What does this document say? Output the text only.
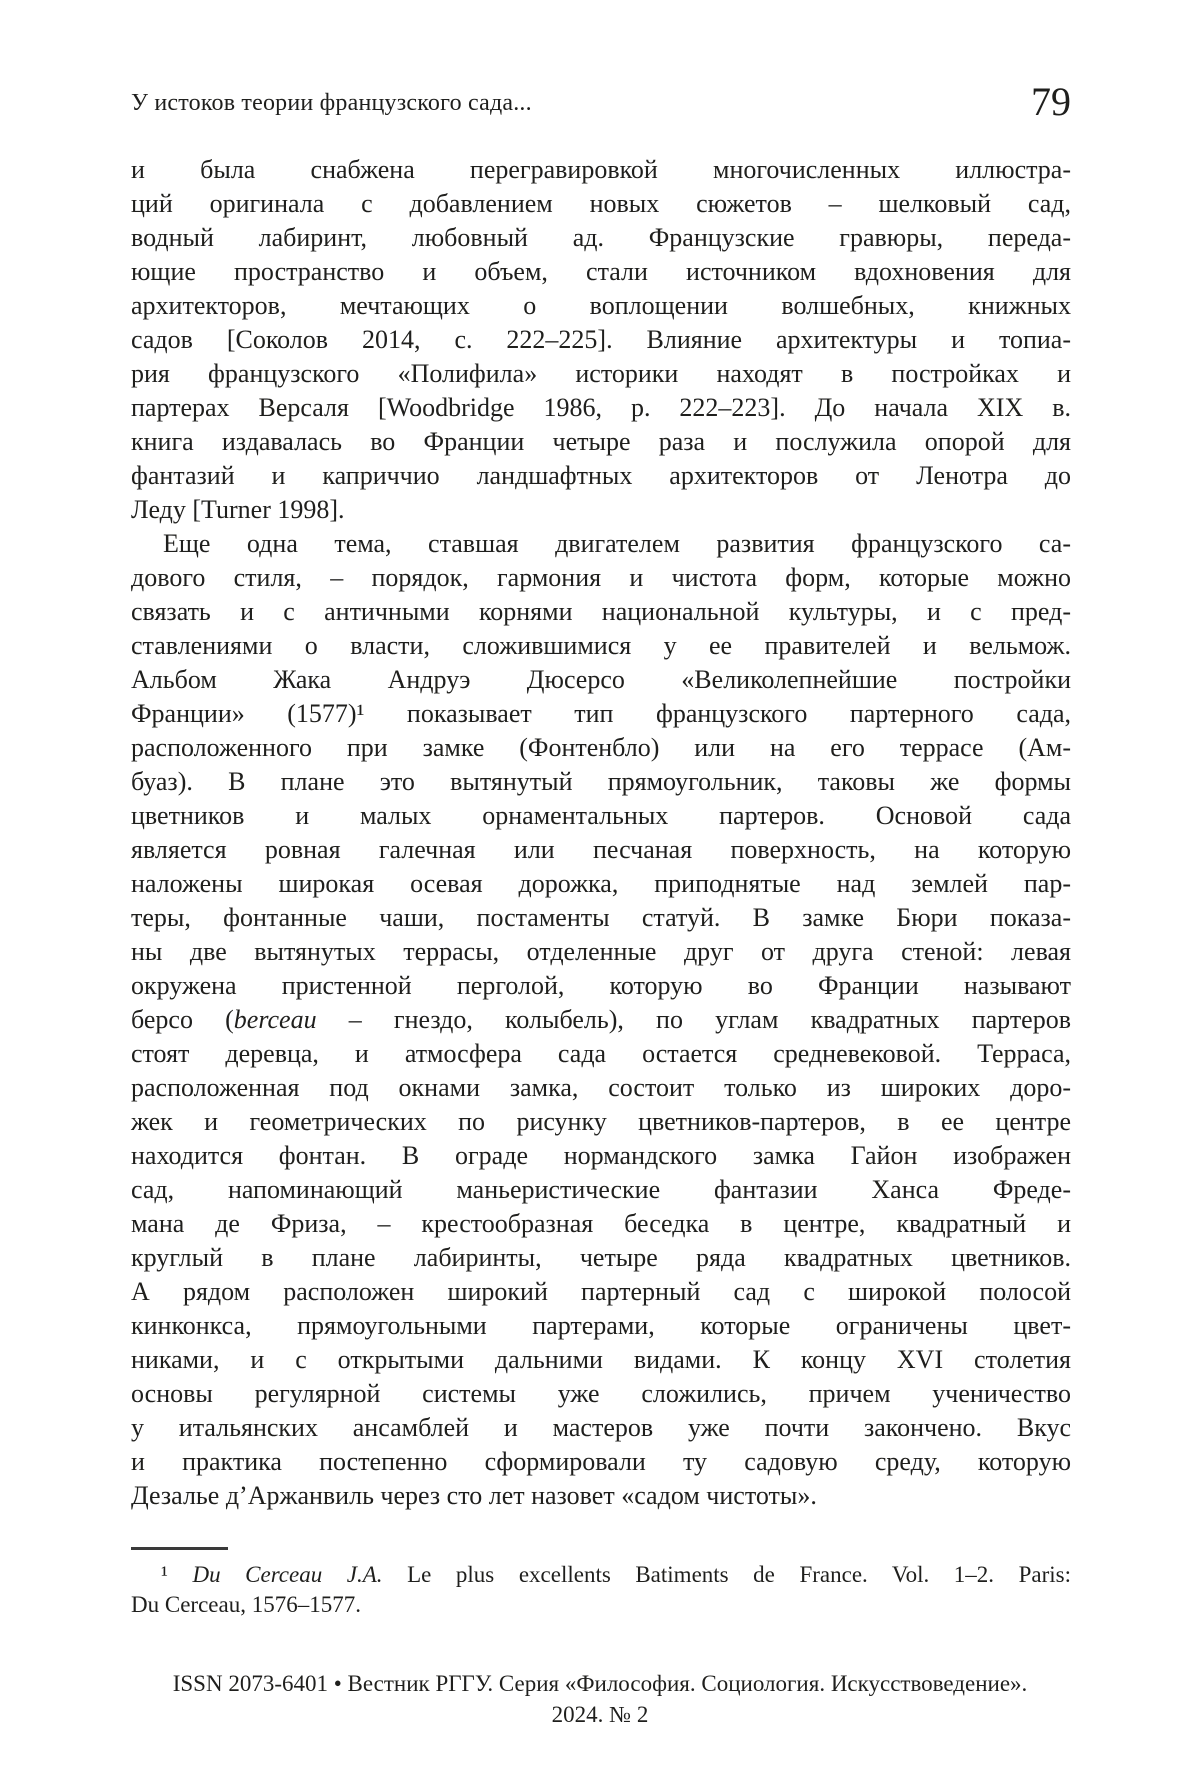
У истоков теории французского сада...	79
и была снабжена перегравировкой многочисленных иллюстра-
ций оригинала с добавлением новых сюжетов – шелковый сад,
водный лабиринт, любовный ад. Французские гравюры, переда-
ющие пространство и объем, стали источником вдохновения для
архитекторов, мечтающих о воплощении волшебных, книжных
садов [Соколов 2014, с. 222–225]. Влияние архитектуры и топиа-
рия французского «Полифила» историки находят в постройках и
партерах Версаля [Woodbridge 1986, p. 222–223]. До начала XIX в.
книга издавалась во Франции четыре раза и послужила опорой для
фантазий и каприччио ландшафтных архитекторов от Ленотра до
Леду [Turner 1998].
Еще одна тема, ставшая двигателем развития французского са-
дового стиля, – порядок, гармония и чистота форм, которые можно
связать и с античными корнями национальной культуры, и с пред-
ставлениями о власти, сложившимися у ее правителей и вельмож.
Альбом Жака Андруэ Дюсерсо «Великолепнейшие постройки
Франции» (1577)¹ показывает тип французского партерного сада,
расположенного при замке (Фонтенбло) или на его террасе (Ам-
буаз). В плане это вытянутый прямоугольник, таковы же формы
цветников и малых орнаментальных партеров. Основой сада
является ровная галечная или песчаная поверхность, на которую
наложены широкая осевая дорожка, приподнятые над землей пар-
теры, фонтанные чаши, постаменты статуй. В замке Бюри показа-
ны две вытянутых террасы, отделенные друг от друга стеной: левая
окружена пристенной перголой, которую во Франции называют
берсо (berceau – гнездо, колыбель), по углам квадратных партеров
стоят деревца, и атмосфера сада остается средневековой. Терраса,
расположенная под окнами замка, состоит только из широких доро-
жек и геометрических по рисунку цветников-партеров, в ее центре
находится фонтан. В ограде нормандского замка Гайон изображен
сад, напоминающий маньеристические фантазии Ханса Фреде-
мана де Фриза, – крестообразная беседка в центре, квадратный и
круглый в плане лабиринты, четыре ряда квадратных цветников.
А рядом расположен широкий партерный сад с широкой полосой
кинконкса, прямоугольными партерами, которые ограничены цвет-
никами, и с открытыми дальними видами. К концу XVI столетия
основы регулярной системы уже сложились, причем ученичество
у итальянских ансамблей и мастеров уже почти закончено. Вкус
и практика постепенно сформировали ту садовую среду, которую
Дезалье д’Аржанвиль через сто лет назовет «садом чистоты».
¹ Du Cerceau J.A. Le plus excellents Batiments de France. Vol. 1–2. Paris:
Du Cerceau, 1576–1577.
ISSN 2073-6401 • Вестник РГГУ. Серия «Философия. Социология. Искусствоведение».
2024. № 2
